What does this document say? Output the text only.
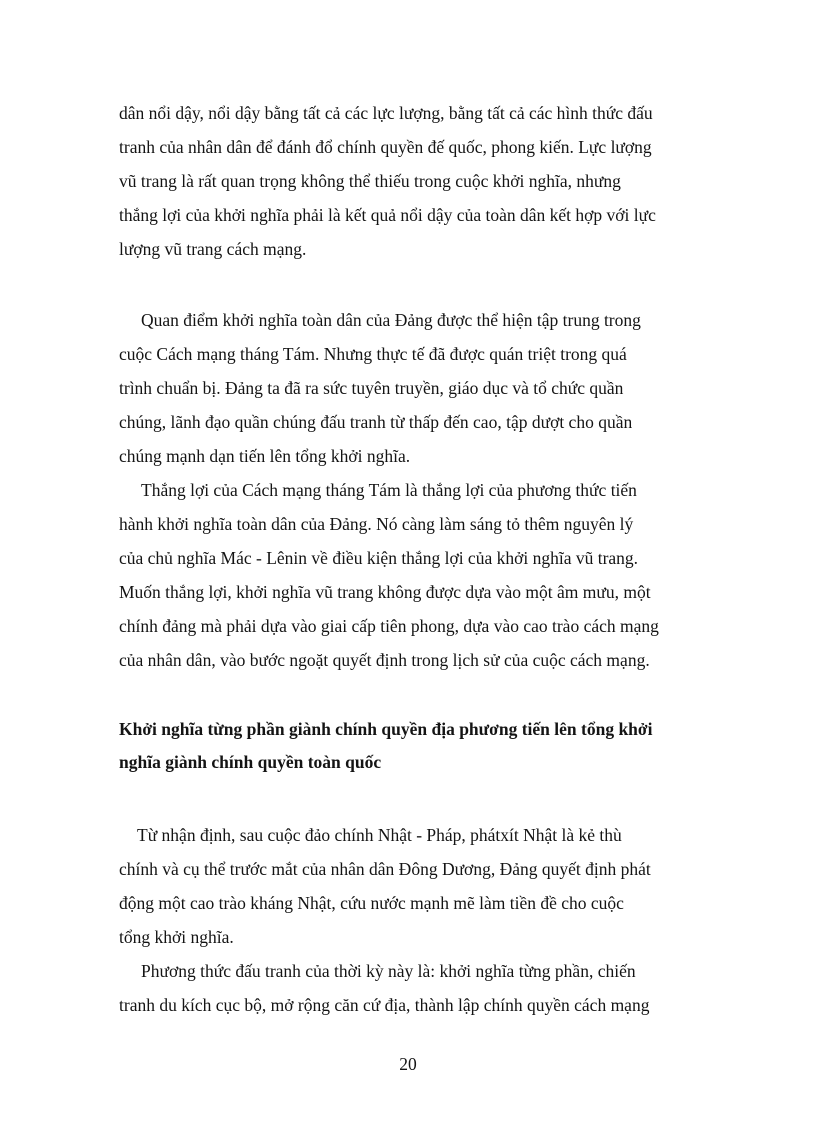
dân nổi dậy, nổi dậy bằng tất cả các lực lượng, bằng tất cả các hình thức đấu
tranh của nhân dân để đánh đổ chính quyền đế quốc, phong kiến. Lực lượng
vũ trang là rất quan trọng không thể thiếu trong cuộc khởi nghĩa, nhưng
thắng lợi của khởi nghĩa phải là kết quả nổi dậy của toàn dân kết hợp với lực
lượng vũ trang cách mạng.
Quan điểm khởi nghĩa toàn dân của Đảng được thể hiện tập trung trong
cuộc Cách mạng tháng Tám. Nhưng thực tế đã được quán triệt trong quá
trình chuẩn bị. Đảng ta đã ra sức tuyên truyền, giáo dục và tổ chức quần
chúng, lãnh đạo quần chúng đấu tranh từ thấp đến cao, tập dượt cho quần
chúng mạnh dạn tiến lên tổng khởi nghĩa.
Thắng lợi của Cách mạng tháng Tám là thắng lợi của phương thức tiến
hành khởi nghĩa toàn dân của Đảng. Nó càng làm sáng tỏ thêm nguyên lý
của chủ nghĩa Mác - Lênin về điều kiện thắng lợi của khởi nghĩa vũ trang.
Muốn thắng lợi, khởi nghĩa vũ trang không được dựa vào một âm mưu, một
chính đảng mà phải dựa vào giai cấp tiên phong, dựa vào cao trào cách mạng
của nhân dân, vào bước ngoặt quyết định trong lịch sử của cuộc cách mạng.
Khởi nghĩa từng phần giành chính quyền địa phương tiến lên tổng khởi
nghĩa giành chính quyền toàn quốc
Từ nhận định, sau cuộc đảo chính Nhật - Pháp, phátxít Nhật là kẻ thù
chính và cụ thể trước mắt của nhân dân Đông Dương, Đảng quyết định phát
động một cao trào kháng Nhật, cứu nước mạnh mẽ làm tiền đề cho cuộc
tổng khởi nghĩa.
Phương thức đấu tranh của thời kỳ này là: khởi nghĩa từng phần, chiến
tranh du kích cục bộ, mở rộng căn cứ địa, thành lập chính quyền cách mạng
20
